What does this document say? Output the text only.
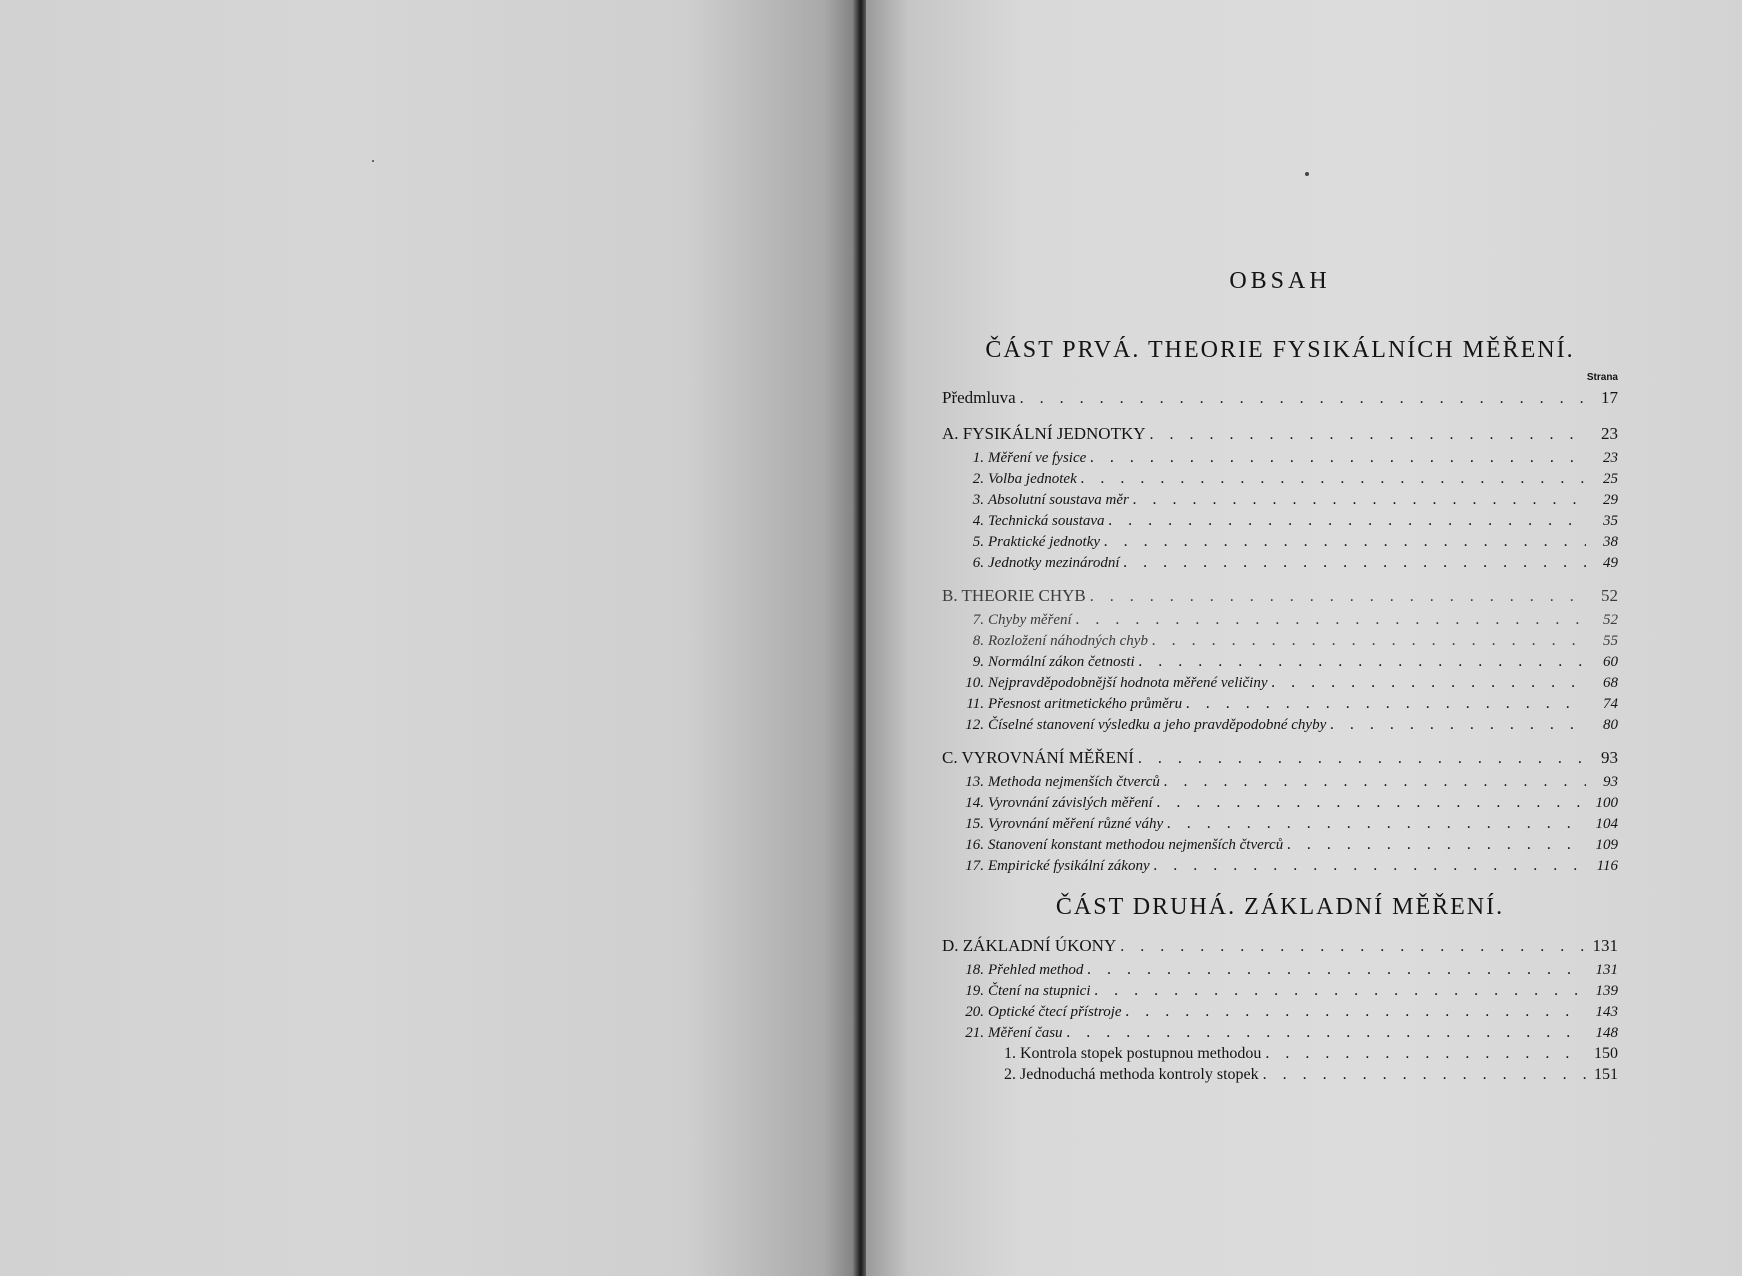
OBSAH
ČÁST PRVÁ. THEORIE FYSIKÁLNÍCH MĚŘENÍ.
Strana
Předmluva . . .	17
A. FYSIKÁLNÍ JEDNOTKY . . .	23
1. Měření ve fysice . . .	23
2. Volba jednotek . . .	25
3. Absolutní soustava měr . . .	29
4. Technická soustava . . .	35
5. Praktické jednotky . . .	38
6. Jednotky mezinárodní . . .	49
B. THEORIE CHYB . . .	52
7. Chyby měření . . .	52
8. Rozložení náhodných chyb . . .	55
9. Normální zákon četnosti . . .	60
10. Nejpravděpodobnější hodnota měřené veličiny . . .	68
11. Přesnost aritmetického průměru . . .	74
12. Číselné stanovení výsledku a jeho pravděpodobné chyby . . .	80
C. VYROVNÁNÍ MĚŘENÍ . . .	93
13. Methoda nejmenších čtverců . . .	93
14. Vyrovnání závislých měření . . .	100
15. Vyrovnání měření různé váhy . . .	104
16. Stanovení konstant methodou nejmenších čtverců . . .	109
17. Empirické fysikální zákony . . .	116
ČÁST DRUHÁ. ZÁKLADNÍ MĚŘENÍ.
D. ZÁKLADNÍ ÚKONY . . .	131
18. Přehled method . . .	131
19. Čtení na stupnici . . .	139
20. Optické čtecí přístroje . . .	143
21. Měření času . . .	148
1. Kontrola stopek postupnou methodou . . .	150
2. Jednoduchá methoda kontroly stopek . . .	151
